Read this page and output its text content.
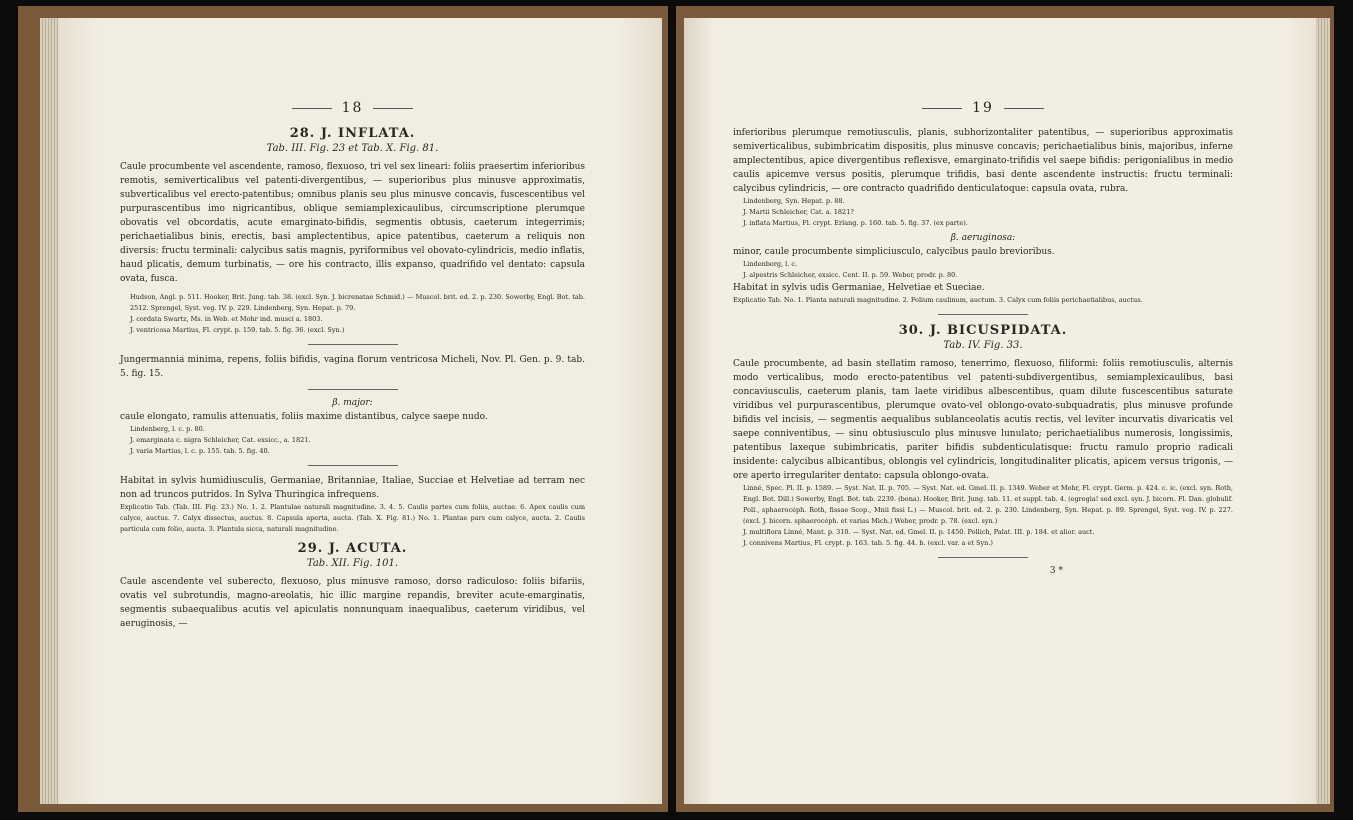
18
28. J. INFLATA.
Tab. III. Fig. 23 et Tab. X. Fig. 81.

Caule procumbente vel ascendente, ramoso, flexuoso, tri vel sex lineari: foliis praesertim inferioribus remotis, semiverticalibus vel patenti-divergentibus, — superioribus plus minusve approximatis, subverticalibus vel erecto-patentibus; omnibus planis seu plus minusve concavis, fuscescentibus vel purpurascentibus imo nigricantibus, oblique semiamplexicaulibus, circumscriptione plerumque obovatis vel obcordatis, acute emarginato-bifidis, segmentis obtusis, caeterum integerrimis; perichaetialibus binis, erectis, basi amplectentibus, apice patentibus, caeterum a reliquis non diversis: fructu terminali: calycibus satis magnis, pyriformibus vel obovato-cylindricis, medio inflatis, haud plicatis, demum turbinatis, — ore his contracto, illis expanso, quadrifido vel dentato: capsula ovata, fusca.

Hudson, Angl. p. 511. Hooker, Brit. Jung. tab. 38. (excl. Syn. J. bicrenatae Schmid.) — Muscol. brit. ed. 2. p. 230. Sowerby, Engl. Bot. tab. 2512. Sprengel, Syst. veg. IV. p. 229. Lindenberg, Syn. Hepat. p. 79.

J. cordata Swartz, Ms. in Web. et Mohr ind. musci a. 1803.

J. ventricosa Martius, Fl. crypt. p. 159. tab. 5. fig. 36. (excl. Syn.)

Jungermannia minima, repens, foliis bifidis, vagina florum ventricosa Micheli, Nov. Pl. Gen. p. 9. tab. 5. fig. 15.

β. major:

caule elongato, ramulis attenuatis, foliis maxime distantibus, calyce saepe nudo.

Lindenberg, l. c. p. 80.

J. emarginata c. nigra Schleicher, Cat. exsicc., a. 1821.

J. varia Martius, l. c. p. 155. tab. 5. fig. 40.

Habitat in sylvis humidiusculis, Germaniae, Britanniae, Italiae, Succiae et Helvetiae ad terram nec non ad truncos putridos. In Sylva Thuringica infrequens.

Explicatio Tab. (Tab. III. Fig. 23.) No. 1. 2. Plantulae naturali magnitudine. 3. 4. 5. Caulis partes cum foliis, auctae. 6. Apex caulis cum calyce, auctus. 7. Calyx dissectus, auctus. 8. Capsula aperta, aucta. (Tab. X. Fig. 81.) No. 1. Plantae pars cum calyce, aucta. 2. Caulis particula cum folio, aucta. 3. Plantula sicca, naturali magnitudine.

29. J. ACUTA.
Tab. XII. Fig. 101.

Caule ascendente vel suberecto, flexuoso, plus minusve ramoso, dorso radiculoso: foliis bifariis, ovatis vel subrotundis, magno-areolatis, hic illic margine repandis, breviter acute-emarginatis, segmentis subaequalibus acutis vel apiculatis nonnunquam inaequalibus, caeterum viridibus, vel aeruginosis, —

19

inferioribus plerumque remotiusculis, planis, subhorizontaliter patentibus, — superioribus approximatis semiverticalibus, subimbricatim dispositis, plus minusve concavis; perichaetialibus binis, majoribus, inferne amplectentibus, apice divergentibus reflexisve, emarginato-trifidis vel saepe bifidis: perigonialibus in medio caulis apicemve versus positis, plerumque trifidis, basi dente ascendente instructis: fructu terminali: calycibus cylindricis, — ore contracto quadrifido denticulatoque: capsula ovata, rubra.

Lindenberg, Syn. Hepat. p. 88.

J. Martii Schleicher, Cat. a. 1821?

J. inflata Martius, Fl. crypt. Erlang. p. 160. tab. 5. fig. 37. (ex parte).

β. aeruginosa:

minor, caule procumbente simpliciusculo, calycibus paulo brevioribus.

Lindenberg, l. c.

J. alpestris Schleicher, exsicc. Cent. II. p. 59. Weber, prodr. p. 80.

Habitat in sylvis udis Germaniae, Helvetiae et Sueciae.

Explicatio Tab. No. 1. Planta naturali magnitudine. 2. Folium caulinum, auctum. 3. Calyx cum foliis perichaetialibus, auctus.

30. J. BICUSPIDATA.
Tab. IV. Fig. 33.

Caule procumbente, ad basin stellatim ramoso, tenerrimo, flexuoso, filiformi: foliis remotiusculis, alternis modo verticalibus, modo erecto-patentibus vel patenti-subdivergentibus, semiamplexicaulibus, basi concaviusculis, caeterum planis, tam laete viridibus albescentibus, quam dilute fuscescentibus saturate viridibus vel purpurascentibus, plerumque ovato-vel oblongo-ovato-subquadratis, plus minusve profunde bifidis vel incisis, — segmentis aequalibus sublanceolatis acutis rectis, vel leviter incurvatis divaricatis vel saepe conniventibus, — sinu obtusiusculo plus minusve lunulato; perichaetialibus numerosis, longissimis, patentibus laxeque subimbricatis, pariter bifidis subdenticulatisque: fructu ramulo proprio radicali insidente: calycibus albicantibus, oblongis vel cylindricis, longitudinaliter plicatis, apicem versus trigonis, — ore aperto irregulariter dentato: capsula oblongo-ovata.

Linné, Spec. Pl. II. p. 1589. — Syst. Nat. II. p. 705. — Syst. Nat. ed. Gmel. II. p. 1349. Weber et Mohr, Fl. crypt. Germ. p. 424. c. ic. (excl. syn. Roth, Engl. Bot. Dill.) Sowerby, Engl. Bot. tab. 2239. (bona). Hooker, Brit. Jung. tab. 11. et suppl. tab. 4. (egregia! sed excl. syn. J. bicorn. Fl. Dan. globulif. Poll., sphaerocéph. Roth, fissae Scop., Mnii fissi L.) — Muscol. brit. ed. 2. p. 230. Lindenberg, Syn. Hepat. p. 89. Sprengel, Syst. veg. IV. p. 227. (excl. J. bicorn. sphaerocéph. et varias Mich.) Weber, prodr. p. 78. (excl. syn.)

J. multiflora Linné, Mant. p. 310. — Syst. Nat. ed. Gmel. II. p. 1450. Pollich, Palat. III. p. 184. et alior. auct.

J. connivens Martius, Fl. crypt. p. 163. tab. 5. fig. 44. b. (excl. var. a et Syn.)

3 *
